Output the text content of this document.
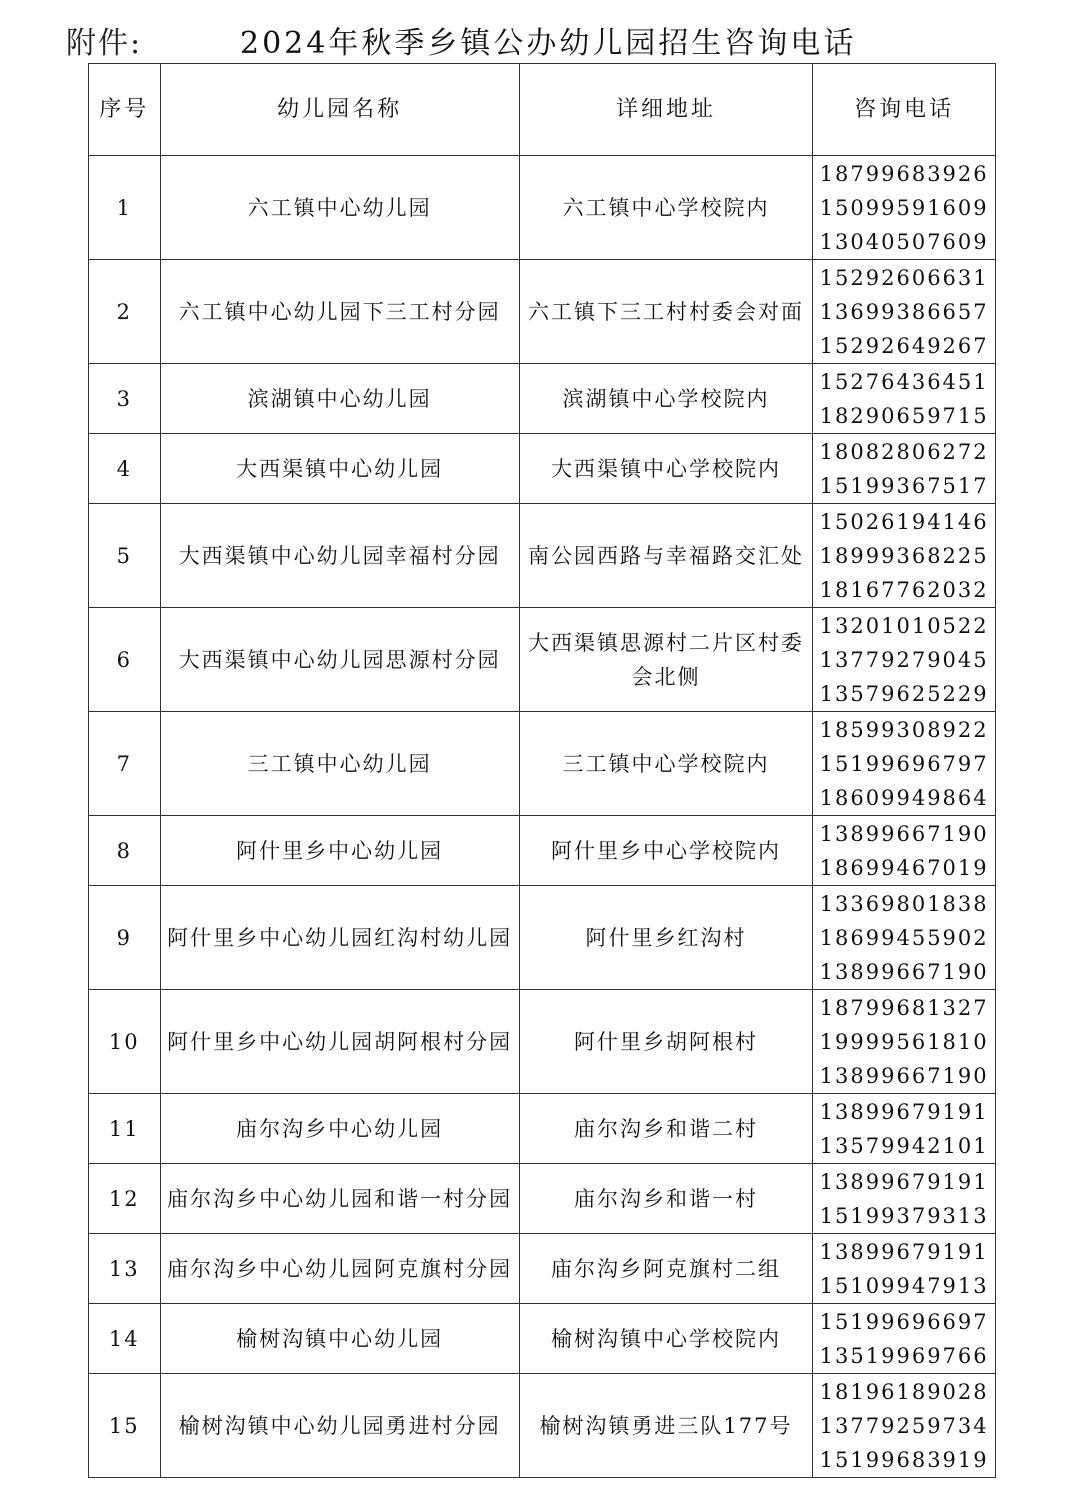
附件:	2024年秋季乡镇公办幼儿园招生咨询电话
序号	幼儿园名称	详细地址	咨询电话
1	六工镇中心幼儿园	六工镇中心学校院内	18799683926
15099591609
13040507609

2	六工镇中心幼儿园下三工村分园	六工镇下三工村村委会对面	15292606631
13699386657
15292649267

3	滨湖镇中心幼儿园	滨湖镇中心学校院内	15276436451
18290659715

4	大西渠镇中心幼儿园	大西渠镇中心学校院内	18082806272
15199367517

5	大西渠镇中心幼儿园幸福村分园	南公园西路与幸福路交汇处	15026194146
18999368225
18167762032

6	大西渠镇中心幼儿园思源村分园	大西渠镇思源村二片区村委会北侧	13201010522
13779279045
13579625229

7	三工镇中心幼儿园	三工镇中心学校院内	18599308922
15199696797
18609949864

8	阿什里乡中心幼儿园	阿什里乡中心学校院内	13899667190
18699467019

9	阿什里乡中心幼儿园红沟村幼儿园	阿什里乡红沟村	13369801838
18699455902
13899667190

10	阿什里乡中心幼儿园胡阿根村分园	阿什里乡胡阿根村	18799681327
19999561810
13899667190

11	庙尔沟乡中心幼儿园	庙尔沟乡和谐二村	13899679191
13579942101

12	庙尔沟乡中心幼儿园和谐一村分园	庙尔沟乡和谐一村	13899679191
15199379313

13	庙尔沟乡中心幼儿园阿克旗村分园	庙尔沟乡阿克旗村二组	13899679191
15109947913

14	榆树沟镇中心幼儿园	榆树沟镇中心学校院内	15199696697
13519969766

15	榆树沟镇中心幼儿园勇进村分园	榆树沟镇勇进三队177号	18196189028
13779259734
15199683919
